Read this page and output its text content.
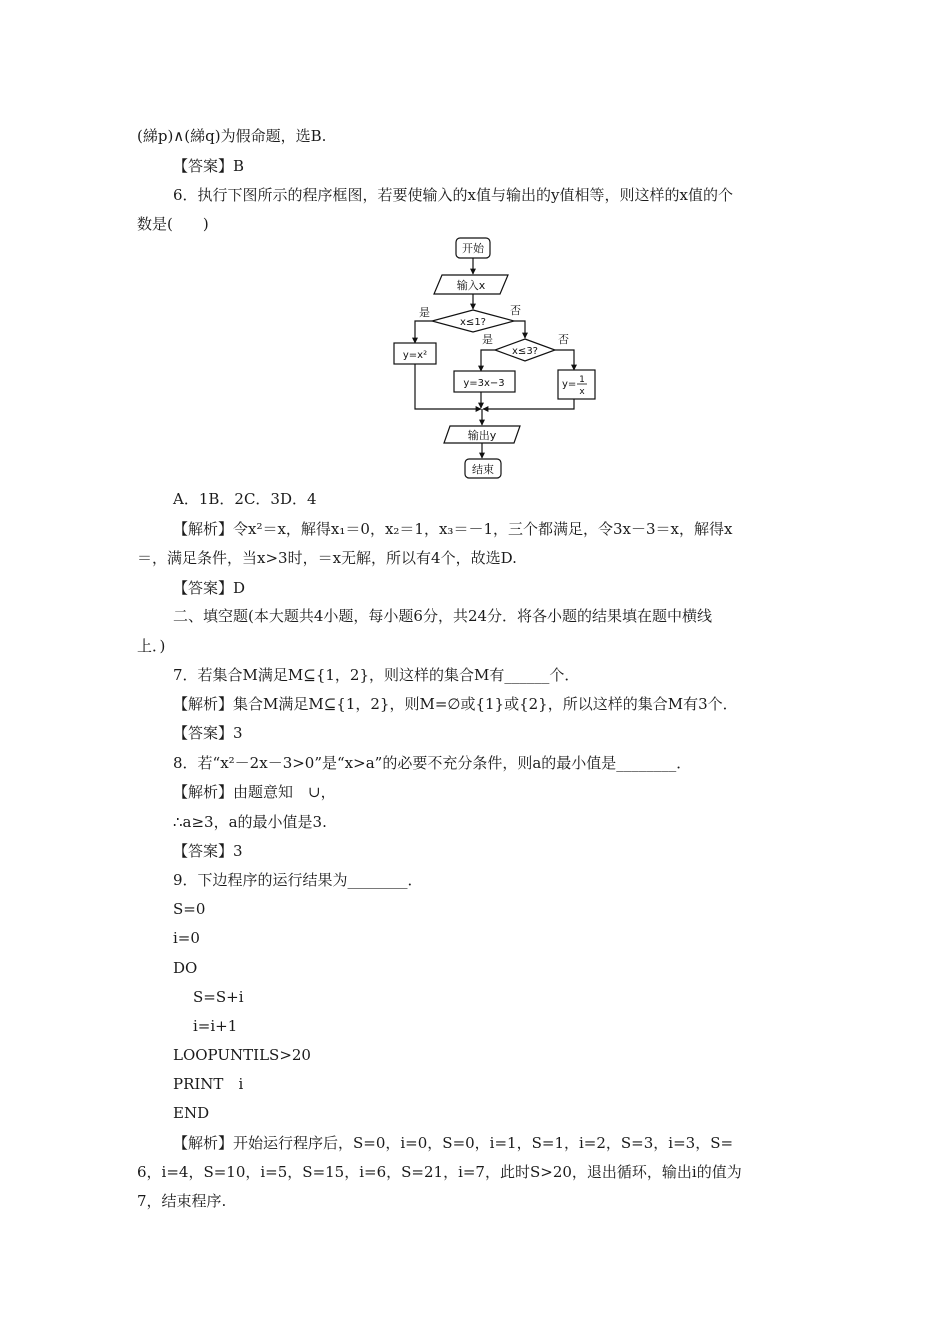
(綈p)∧(綈q)为假命题，选B.
【答案】B
6．执行下图所示的程序框图，若要使输入的x值与输出的y值相等，则这样的x值的个
数是(　　)
开始
输入x
x≤1?
是	否
x≤3?
是	否
y=x²
y=3x−3	y= 1
x
输出y
结束
A．1B．2C．3D．4
【解析】令x²＝x，解得x₁＝0，x₂＝1，x₃＝－1，三个都满足，令3x－3＝x，解得x
＝，满足条件，当x>3时，＝x无解，所以有4个，故选D.
【答案】D
二、填空题(本大题共4小题，每小题6分，共24分．将各小题的结果填在题中横线
上．)
7．若集合M满足M⊆{1，2}，则这样的集合M有______个．
【解析】集合M满足M⊆{1，2}，则M=∅或{1}或{2}，所以这样的集合M有3个．
【答案】3
8．若“x²－2x－3>0”是“x>a”的必要不充分条件，则a的最小值是________．
【解析】由题意知　∪，
∴a≥3，a的最小值是3.
【答案】3
9．下边程序的运行结果为________．
S=0
i=0
DO
S=S+i
i=i+1
LOOPUNTILS>20
PRINT　i
END
【解析】开始运行程序后，S=0，i=0，S=0，i=1，S=1，i=2，S=3，i=3，S=
6，i=4，S=10，i=5，S=15，i=6，S=21，i=7，此时S>20，退出循环，输出i的值为
7，结束程序.
